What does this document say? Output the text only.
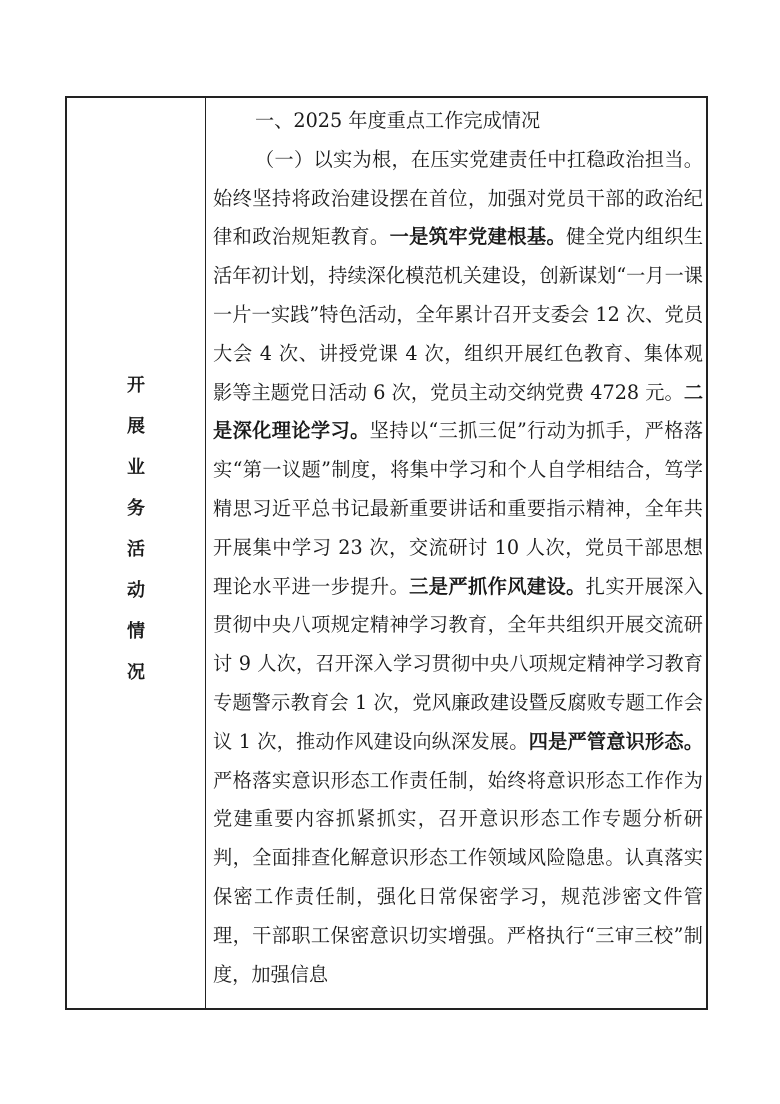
开
展
业
务
活
动
情
况

一、2025 年度重点工作完成情况

（一）以实为根，在压实党建责任中扛稳政治担当。始终坚持将政治建设摆在首位，加强对党员干部的政治纪律和政治规矩教育。一是筑牢党建根基。健全党内组织生活年初计划，持续深化模范机关建设，创新谋划“一月一课一片一实践”特色活动，全年累计召开支委会 12 次、党员大会 4 次、讲授党课 4 次，组织开展红色教育、集体观影等主题党日活动 6 次，党员主动交纳党费 4728 元。二是深化理论学习。坚持以“三抓三促”行动为抓手，严格落实“第一议题”制度，将集中学习和个人自学相结合，笃学精思习近平总书记最新重要讲话和重要指示精神，全年共开展集中学习 23 次，交流研讨 10 人次，党员干部思想理论水平进一步提升。三是严抓作风建设。扎实开展深入贯彻中央八项规定精神学习教育，全年共组织开展交流研讨 9 人次，召开深入学习贯彻中央八项规定精神学习教育专题警示教育会 1 次，党风廉政建设暨反腐败专题工作会议 1 次，推动作风建设向纵深发展。四是严管意识形态。严格落实意识形态工作责任制，始终将意识形态工作作为党建重要内容抓紧抓实，召开意识形态工作专题分析研判，全面排查化解意识形态工作领域风险隐患。认真落实保密工作责任制，强化日常保密学习，规范涉密文件管理，干部职工保密意识切实增强。严格执行“三审三校”制度，加强信息
